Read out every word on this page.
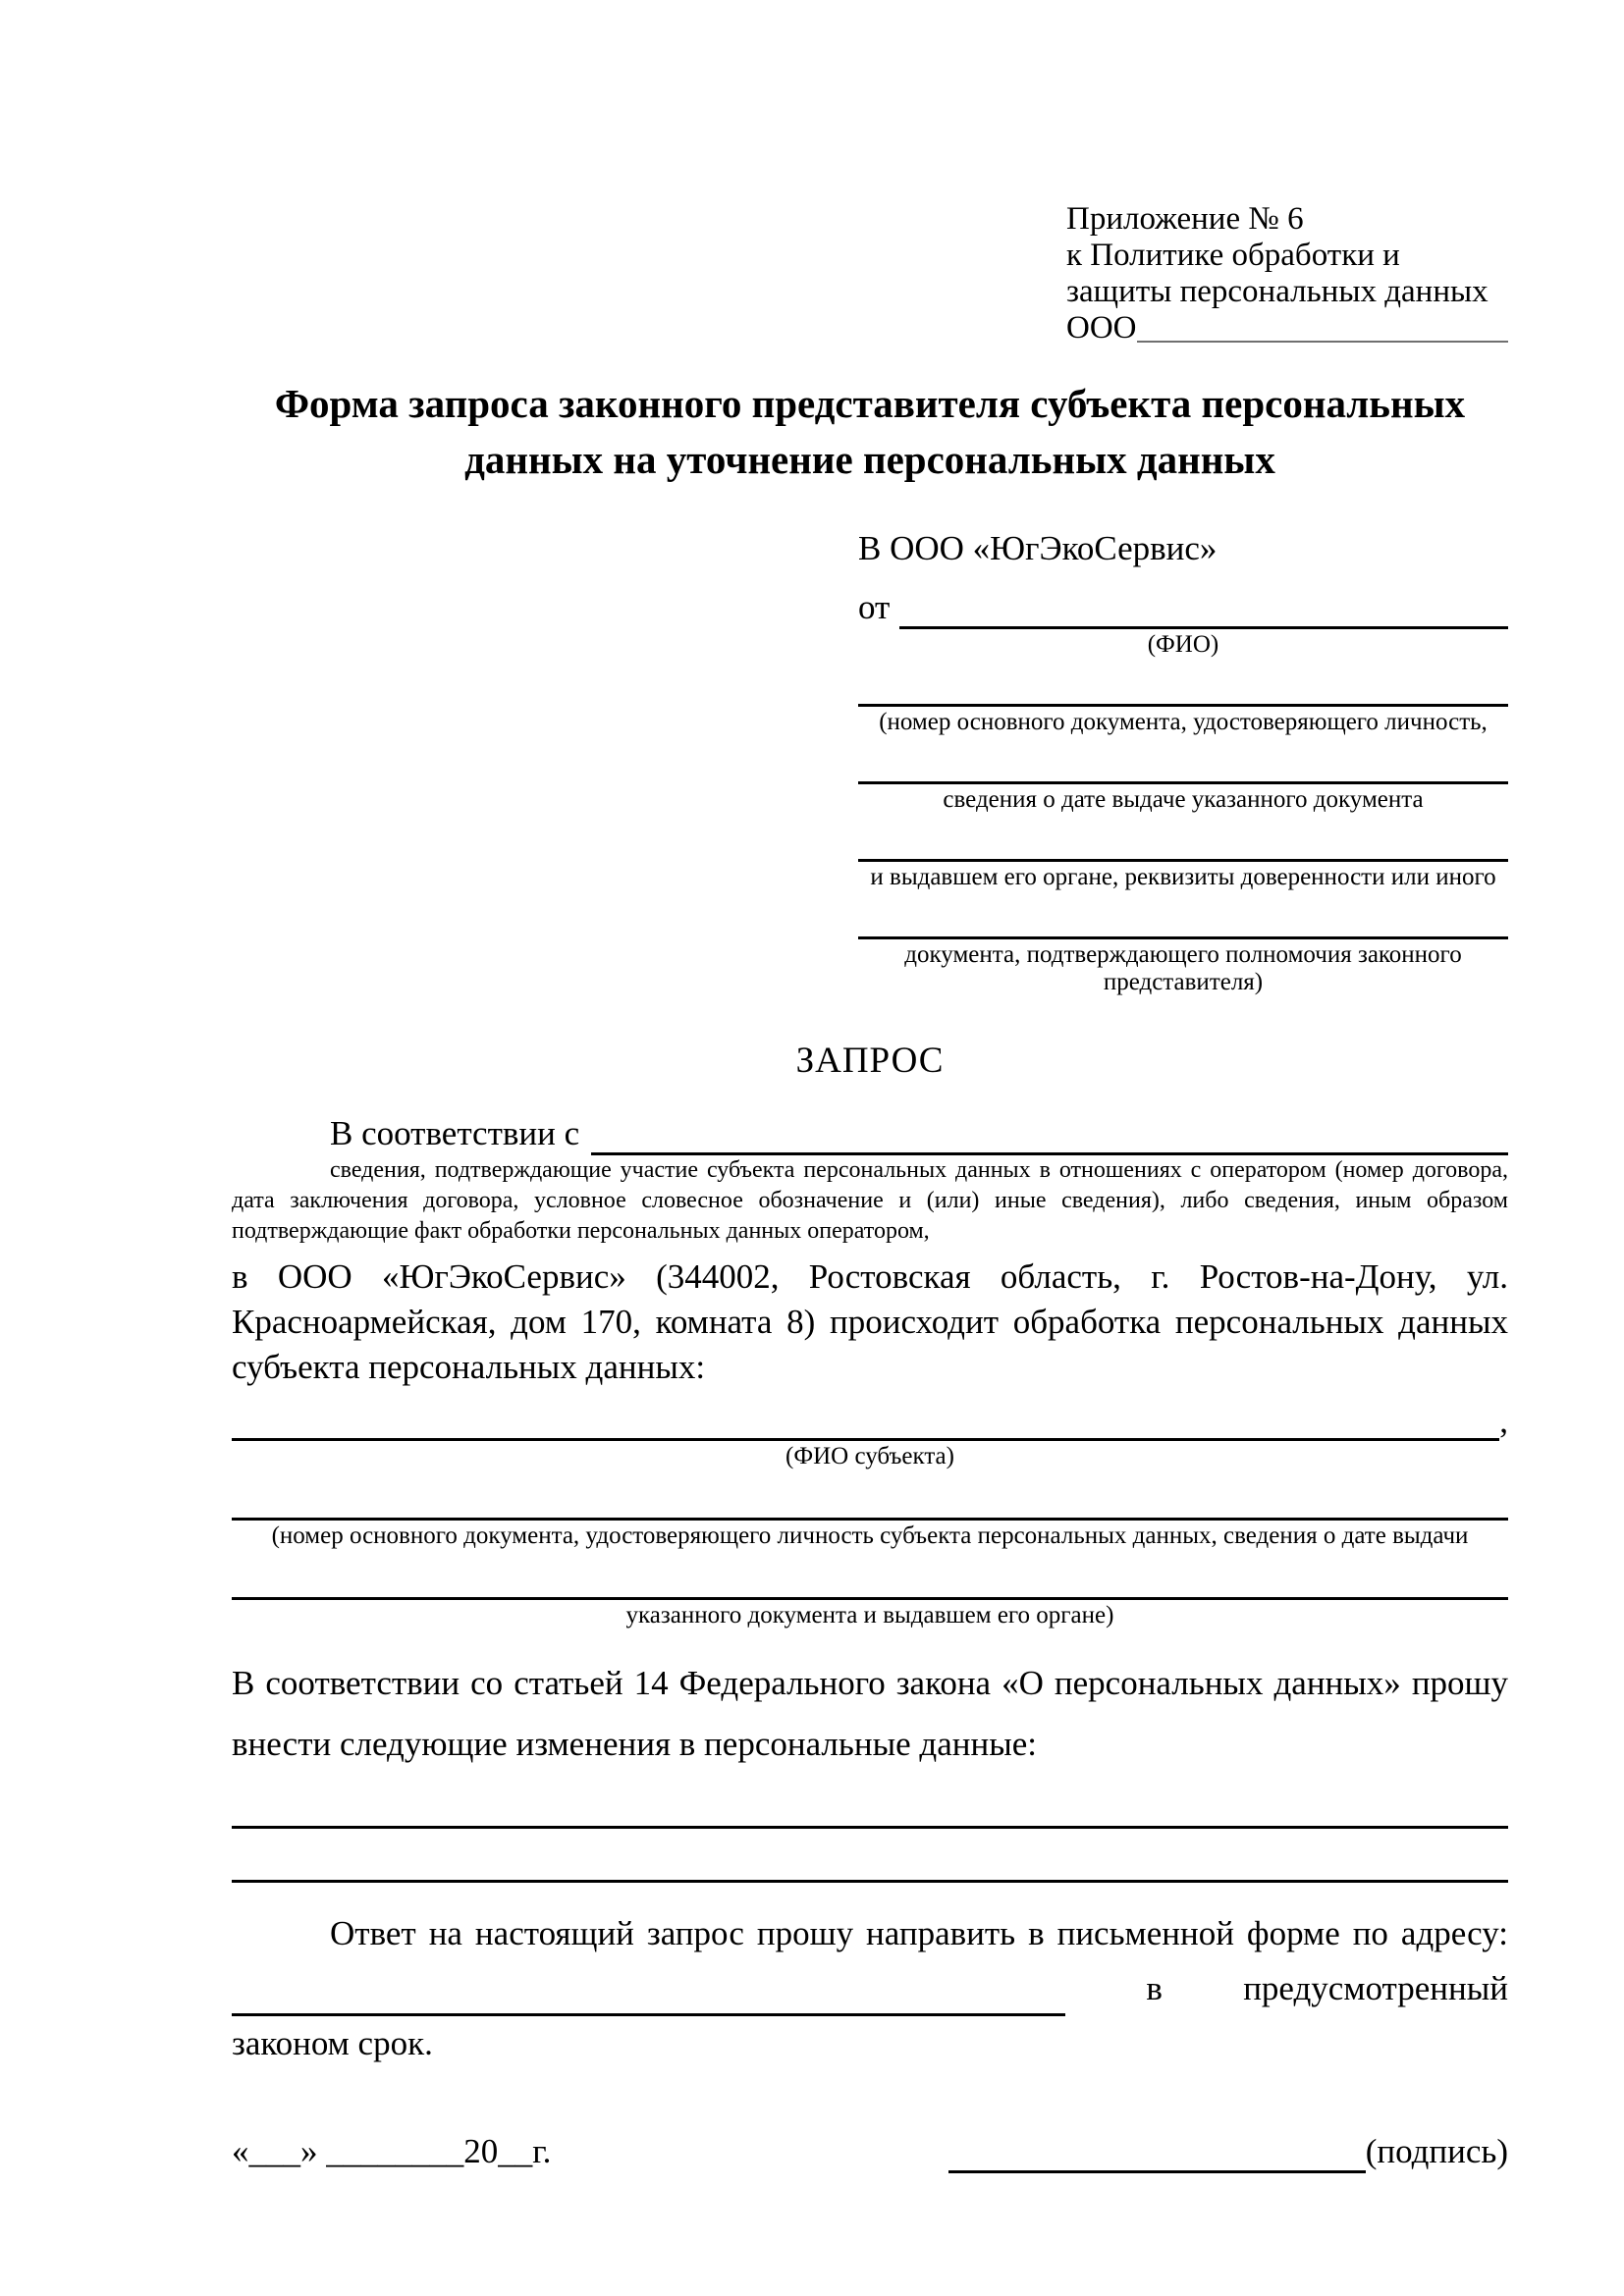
Приложение № 6
к Политике обработки и
защиты персональных данных
ООО
Форма запроса законного представителя субъекта персональных
данных на уточнение персональных данных
В ООО «ЮгЭкоСервис»
от
(ФИО)
(номер основного документа, удостоверяющего личность,
сведения о дате выдаче указанного документа
и выдавшем его органе, реквизиты доверенности или иного
документа, подтверждающего полномочия законного представителя)
ЗАПРОС
В соответствии с
сведения, подтверждающие участие субъекта персональных данных в отношениях с оператором (номер договора, дата заключения договора, условное словесное обозначение и (или) иные сведения), либо сведения, иным образом подтверждающие факт обработки персональных данных оператором,
в ООО «ЮгЭкоСервис» (344002, Ростовская область, г. Ростов-на-Дону, ул.
Красноармейская, дом 170, комната 8) происходит обработка персональных данных
субъекта персональных данных:
,
(ФИО субъекта)
(номер основного документа, удостоверяющего личность субъекта персональных данных, сведения о дате выдачи
указанного документа и выдавшем его органе)
В соответствии со статьей 14 Федерального закона «О персональных данных» прошу
внести следующие изменения в персональные данные:
Ответ на настоящий запрос прошу направить в письменной форме по адресу:
в предусмотренный
законом срок.
«___» ________20__г.	(подпись)
